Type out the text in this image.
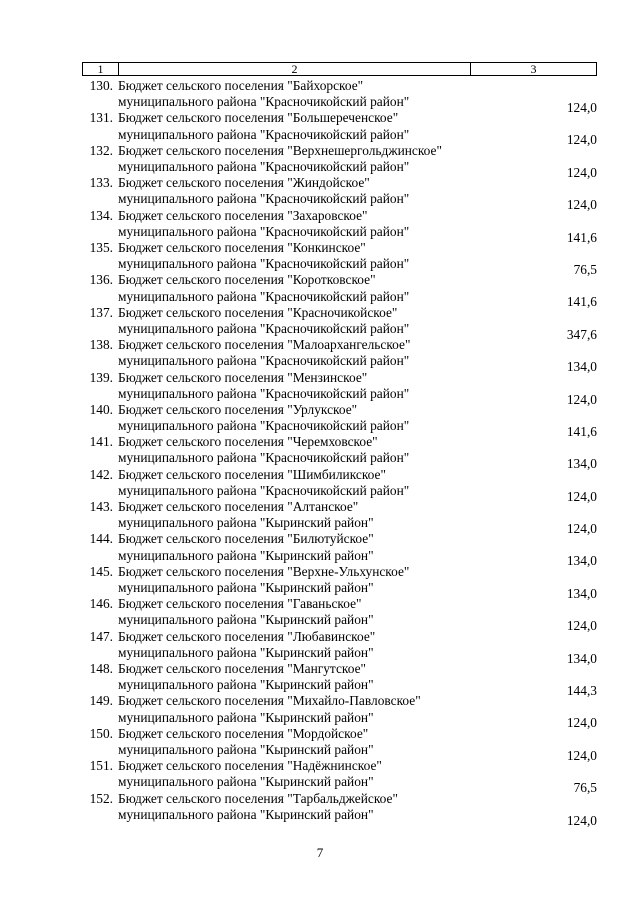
1	2	3
130. Бюджет сельского поселения "Байхорское"
муниципального района "Красночикойский район"	124,0
131. Бюджет сельского поселения "Большереченское"
муниципального района "Красночикойский район"	124,0
132. Бюджет сельского поселения "Верхнешергольджинское"
муниципального района "Красночикойский район"	124,0
133. Бюджет сельского поселения "Жиндойское"
муниципального района "Красночикойский район"	124,0
134. Бюджет сельского поселения "Захаровское"
муниципального района "Красночикойский район"	141,6
135. Бюджет сельского поселения "Конкинское"
муниципального района "Красночикойский район"	76,5
136. Бюджет сельского поселения "Коротковское"
муниципального района "Красночикойский район"	141,6
137. Бюджет сельского поселения "Красночикойское"
муниципального района "Красночикойский район"	347,6
138. Бюджет сельского поселения "Малоархангельское"
муниципального района "Красночикойский район"	134,0
139. Бюджет сельского поселения "Мензинское"
муниципального района "Красночикойский район"	124,0
140. Бюджет сельского поселения "Урлукское"
муниципального района "Красночикойский район"	141,6
141. Бюджет сельского поселения "Черемховское"
муниципального района "Красночикойский район"	134,0
142. Бюджет сельского поселения "Шимбиликское"
муниципального района "Красночикойский район"	124,0
143. Бюджет сельского поселения "Алтанское"
муниципального района "Кыринский район"	124,0
144. Бюджет сельского поселения "Билютуйское"
муниципального района "Кыринский район"	134,0
145. Бюджет сельского поселения "Верхне-Ульхунское"
муниципального района "Кыринский район"	134,0
146. Бюджет сельского поселения "Гаваньское"
муниципального района "Кыринский район"	124,0
147. Бюджет сельского поселения "Любавинское"
муниципального района "Кыринский район"	134,0
148. Бюджет сельского поселения "Мангутское"
муниципального района "Кыринский район"	144,3
149. Бюджет сельского поселения "Михайло-Павловское"
муниципального района "Кыринский район"	124,0
150. Бюджет сельского поселения "Мордойское"
муниципального района "Кыринский район"	124,0
151. Бюджет сельского поселения "Надёжнинское"
муниципального района "Кыринский район"	76,5
152. Бюджет сельского поселения "Тарбальджейское"
муниципального района "Кыринский район"	124,0
7
